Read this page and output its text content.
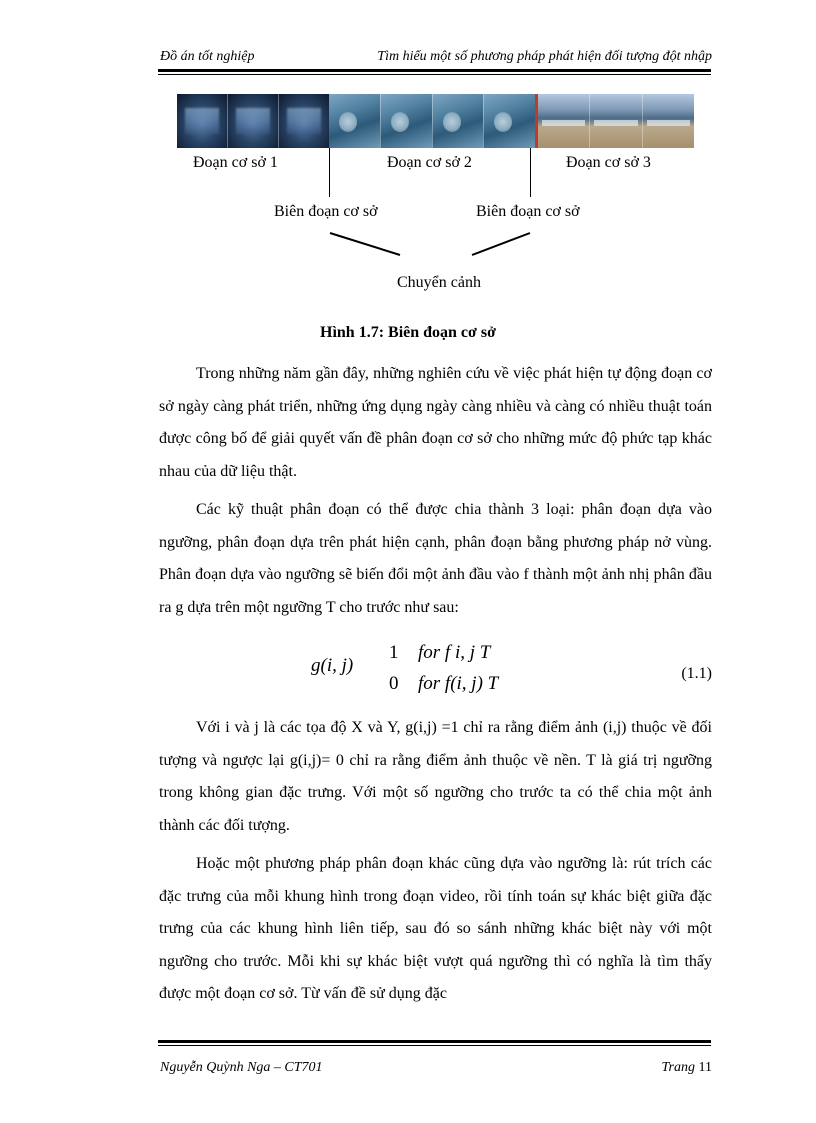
Đồ án tốt nghiệp	Tìm hiểu một số phương pháp phát hiện đối tượng đột nhập
Đoạn cơ sở 1	Đoạn cơ sở 2	Đoạn cơ sở 3
Biên đoạn cơ sở	Biên đoạn cơ sở
Chuyển cảnh
Hình 1.7: Biên đoạn cơ sở

Trong những năm gần đây, những nghiên cứu về việc phát hiện tự động đoạn cơ sở ngày càng phát triển, những ứng dụng ngày càng nhiều và càng có nhiều thuật toán được công bố để giải quyết vấn đề phân đoạn cơ sở cho những mức độ phức tạp khác nhau của dữ liệu thật.

Các kỹ thuật phân đoạn có thể được chia thành 3 loại: phân đoạn dựa vào ngưỡng, phân đoạn dựa trên phát hiện cạnh, phân đoạn bằng phương pháp nở vùng. Phân đoạn dựa vào ngưỡng sẽ biến đổi một ảnh đầu vào f thành một ảnh nhị phân đầu ra g dựa trên một ngưỡng T cho trước như sau:

g(i, j)
1 for f i, j T
0 for f(i, j) T	(1.1)

Với i và j là các tọa độ X và Y, g(i,j) =1 chỉ ra rằng điểm ảnh (i,j) thuộc về đối tượng và ngược lại g(i,j)= 0 chỉ ra rằng điểm ảnh thuộc về nền. T là giá trị ngưỡng trong không gian đặc trưng. Với một số ngưỡng cho trước ta có thể chia một ảnh thành các đối tượng.

Hoặc một phương pháp phân đoạn khác cũng dựa vào ngưỡng là: rút trích các đặc trưng của mỗi khung hình trong đoạn video, rồi tính toán sự khác biệt giữa đặc trưng của các khung hình liên tiếp, sau đó so sánh những khác biệt này với một ngưỡng cho trước. Mỗi khi sự khác biệt vượt quá ngưỡng thì có nghĩa là tìm thấy được một đoạn cơ sở. Từ vấn đề sử dụng đặc

Nguyễn Quỳnh Nga – CT701	Trang 11
